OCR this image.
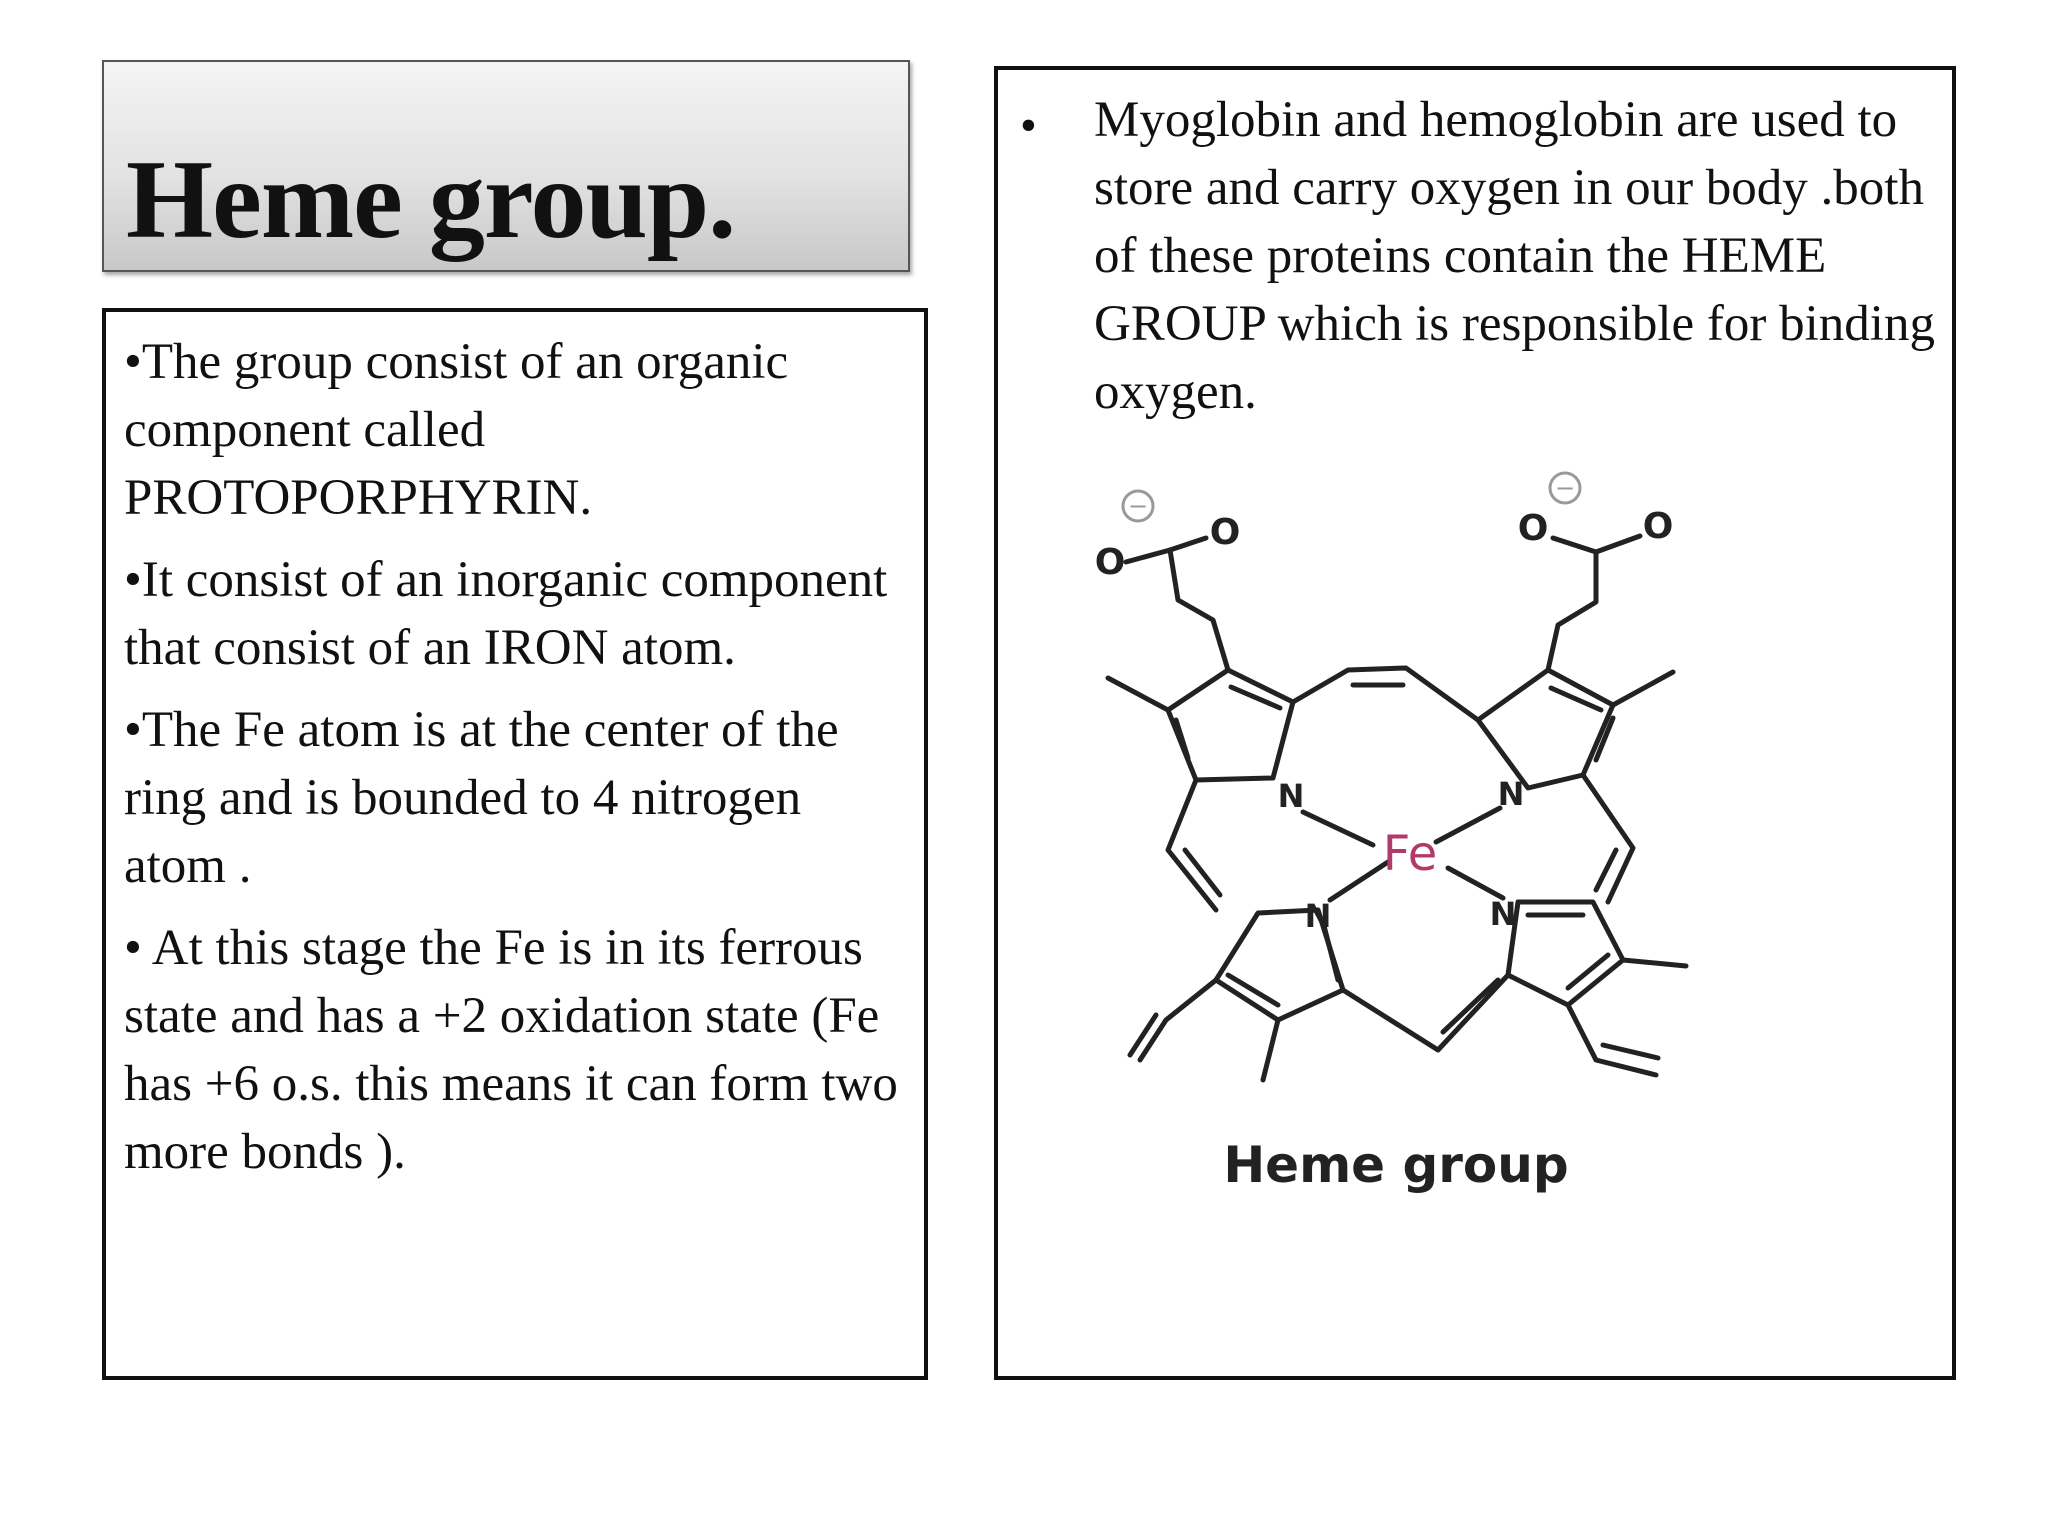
Heme group.

•The group consist of an organic component called PROTOPORPHYRIN.

•It consist of an inorganic component that consist of an IRON atom.

•The Fe atom is at the center of the ring and is bounded to 4 nitrogen atom .

• At this stage the Fe is in its ferrous state and has a +2 oxidation state (Fe has +6 o.s. this means it can form two more bonds ).

• Myoglobin and hemoglobin are used to store and carry oxygen in our body .both of these proteins contain the HEME GROUP which is responsible for binding oxygen.
−
−
O
O	O	O
N	N
N	N
Fe
Heme group
